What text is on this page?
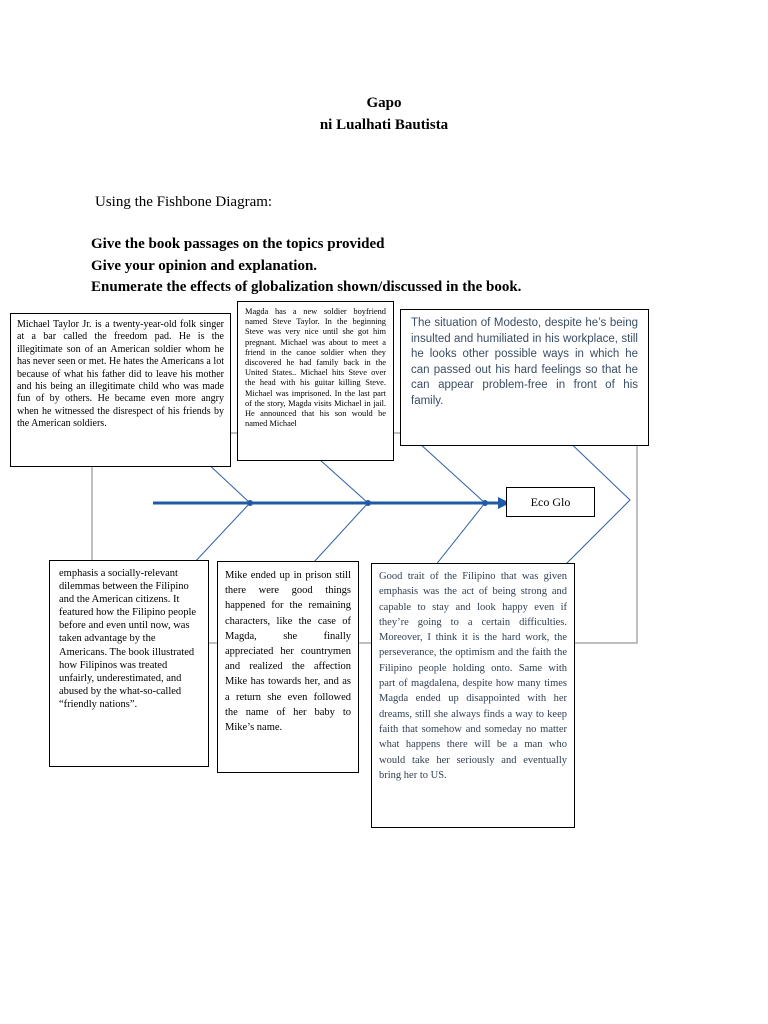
Gapo
ni Lualhati Bautista
Using the Fishbone Diagram:
Give the book passages on the topics provided
Give your opinion and explanation.
Enumerate the effects of globalization shown/discussed in the book.
Eco Glo

Michael Taylor Jr. is a twenty-year-old folk singer at a bar called the freedom pad. He is the illegitimate son of an American soldier whom he has never seen or met. He hates the Americans a lot because of what his father did to leave his mother and his being an illegitimate child who was made fun of by others. He became even more angry when he witnessed the disrespect of his friends by the American soldiers.

Magda has a new soldier boyfriend named Steve Taylor. In the beginning Steve was very nice until she got him pregnant. Michael was about to meet a friend in the canoe soldier when they discovered he had family back in the United States.. Michael hits Steve over the head with his guitar killing Steve. Michael was imprisoned. In the last part of the story, Magda visits Michael in jail. He announced that his son would be named Michael

The situation of Modesto, despite he’s being insulted and humiliated in his workplace, still he looks other possible ways in which he can passed out his hard feelings so that he can appear problem-free in front of his family.

emphasis a socially-relevant dilemmas between the Filipino and the American citizens. It featured how the Filipino people before and even until now, was taken advantage by the Americans. The book illustrated how Filipinos was treated unfairly, underestimated, and abused by the what-so-called “friendly nations”.

Mike ended up in prison still there were good things happened for the remaining characters, like the case of Magda, she finally appreciated her countrymen and realized the affection Mike has towards her, and as a return she even followed the name of her baby to Mike’s name.

Good trait of the Filipino that was given emphasis was the act of being strong and capable to stay and look happy even if they’re going to a certain difficulties. Moreover, I think it is the hard work, the perseverance, the optimism and the faith the Filipino people holding onto. Same with part of magdalena, despite how many times Magda ended up disappointed with her dreams, still she always finds a way to keep faith that somehow and someday no matter what happens there will be a man who would take her seriously and eventually bring her to US.
